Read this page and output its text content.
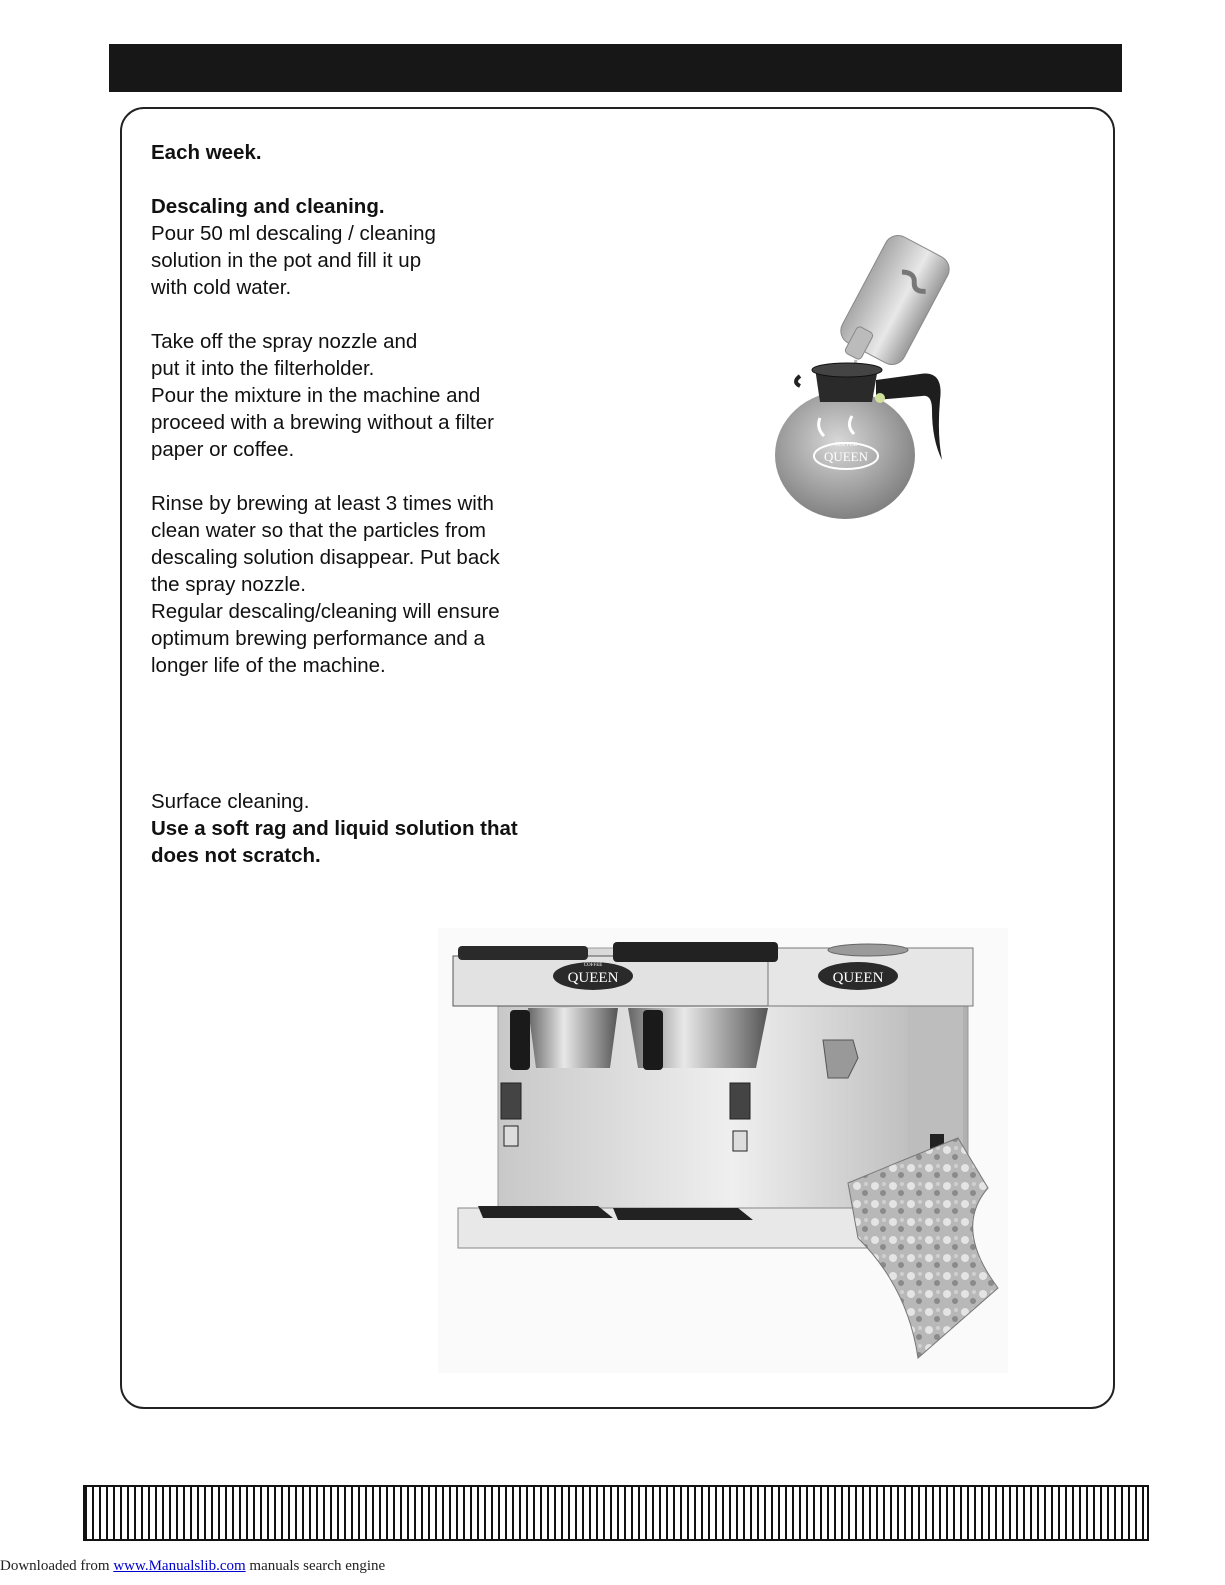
Each week.

Descaling and cleaning.

Pour 50 ml descaling / cleaning

solution in the pot and fill it up

with cold water.

Take off the spray nozzle and

put it into the filterholder.

Pour the mixture in the machine and

proceed with a brewing without a filter

paper or coffee.

Rinse by brewing at least 3 times with

clean water so that the particles from

descaling solution disappear. Put back

the spray nozzle.

Regular descaling/cleaning will ensure

optimum brewing performance and a

longer life of the machine.

Surface cleaning.

Use a soft rag and liquid solution that

does not scratch.

COFFEE
QUEEN
QUEEN
COFFEE
QUEEN
Downloaded from www.Manualslib.com manuals search engine
